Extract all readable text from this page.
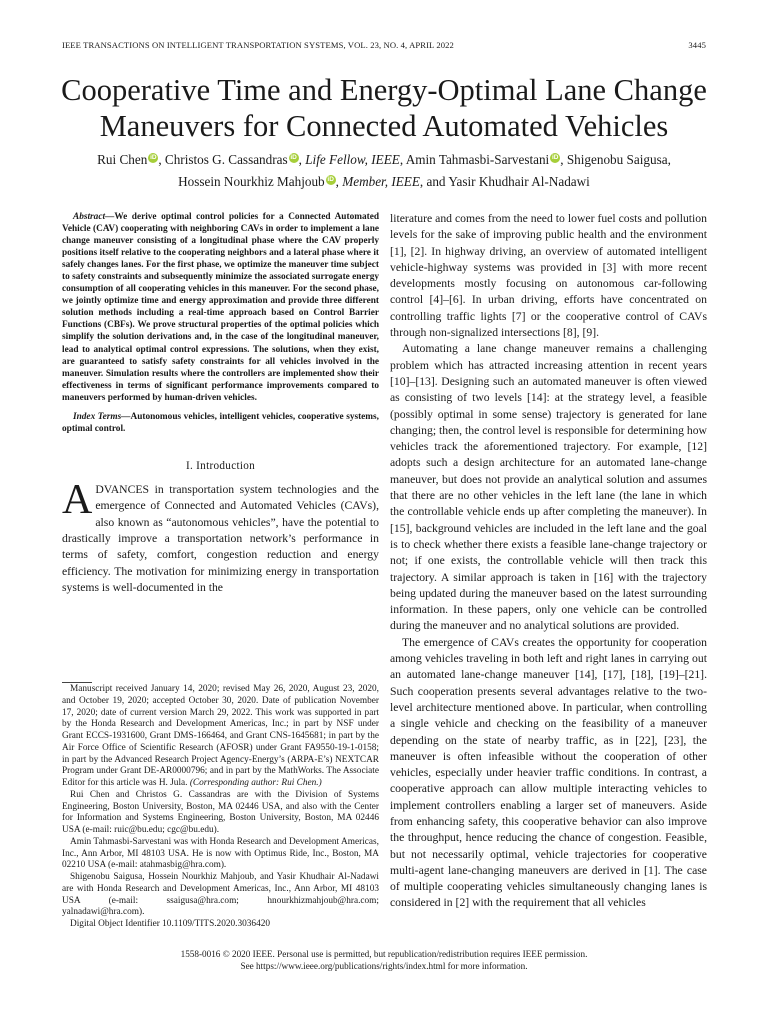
IEEE TRANSACTIONS ON INTELLIGENT TRANSPORTATION SYSTEMS, VOL. 23, NO. 4, APRIL 2022	3445
Cooperative Time and Energy-Optimal Lane Change
Maneuvers for Connected Automated Vehicles
Rui Chen iD , Christos G. Cassandras iD , Life Fellow, IEEE, Amin Tahmasbi-Sarvestani iD , Shigenobu Saigusa,
Hossein Nourkhiz Mahjoub iD , Member, IEEE, and Yasir Khudhair Al-Nadawi

Abstract—We derive optimal control policies for a Connected Automated Vehicle (CAV) cooperating with neighboring CAVs in order to implement a lane change maneuver consisting of a longitudinal phase where the CAV properly positions itself relative to the cooperating neighbors and a lateral phase where it safely changes lanes. For the first phase, we optimize the maneuver time subject to safety constraints and subsequently minimize the associated surrogate energy consumption of all cooperating vehicles in this maneuver. For the second phase, we jointly optimize time and energy approximation and provide three different solution methods including a real-time approach based on Control Barrier Functions (CBFs). We prove structural properties of the optimal policies which simplify the solution derivations and, in the case of the longitudinal maneuver, lead to analytical optimal control expressions. The solutions, when they exist, are guaranteed to satisfy safety constraints for all vehicles involved in the maneuver. Simulation results where the controllers are implemented show their effectiveness in terms of significant performance improvements compared to maneuvers performed by human-driven vehicles.

Index Terms—Autonomous vehicles, intelligent vehicles, cooperative systems, optimal control.

I. Introduction

ADVANCES in transportation system technologies and the emergence of Connected and Automated Vehicles (CAVs), also known as “autonomous vehicles”, have the potential to drastically improve a transportation network’s performance in terms of safety, comfort, congestion reduction and energy efficiency. The motivation for minimizing energy in transportation systems is well-documented in the

Manuscript received January 14, 2020; revised May 26, 2020, August 23, 2020, and October 19, 2020; accepted October 30, 2020. Date of publication November 17, 2020; date of current version March 29, 2022. This work was supported in part by the Honda Research and Development Americas, Inc.; in part by NSF under Grant ECCS-1931600, Grant DMS-166464, and Grant CNS-1645681; in part by the Air Force Office of Scientific Research (AFOSR) under Grant FA9550-19-1-0158; in part by the Advanced Research Project Agency-Energy’s (ARPA-E’s) NEXTCAR Program under Grant DE-AR0000796; and in part by the MathWorks. The Associate Editor for this article was H. Jula. (Corresponding author: Rui Chen.)

Rui Chen and Christos G. Cassandras are with the Division of Systems Engineering, Boston University, Boston, MA 02446 USA, and also with the Center for Information and Systems Engineering, Boston University, Boston, MA 02446 USA (e-mail: ruic@bu.edu; cgc@bu.edu).

Amin Tahmasbi-Sarvestani was with Honda Research and Development Americas, Inc., Ann Arbor, MI 48103 USA. He is now with Optimus Ride, Inc., Boston, MA 02210 USA (e-mail: atahmasbig@hra.com).

Shigenobu Saigusa, Hossein Nourkhiz Mahjoub, and Yasir Khudhair Al-Nadawi are with Honda Research and Development Americas, Inc., Ann Arbor, MI 48103 USA (e-mail: ssaigusa@hra.com; hnourkhizmahjoub@hra.com; yalnadawi@hra.com).

Digital Object Identifier 10.1109/TITS.2020.3036420

literature and comes from the need to lower fuel costs and pollution levels for the sake of improving public health and the environment [1], [2]. In highway driving, an overview of automated intelligent vehicle-highway systems was provided in [3] with more recent developments mostly focusing on autonomous car-following control [4]–[6]. In urban driving, efforts have concentrated on controlling traffic lights [7] or the cooperative control of CAVs through non-signalized intersections [8], [9].

Automating a lane change maneuver remains a challenging problem which has attracted increasing attention in recent years [10]–[13]. Designing such an automated maneuver is often viewed as consisting of two levels [14]: at the strategy level, a feasible (possibly optimal in some sense) trajectory is generated for lane changing; then, the control level is responsible for determining how vehicles track the aforementioned trajectory. For example, [12] adopts such a design architecture for an automated lane-change maneuver, but does not provide an analytical solution and assumes that there are no other vehicles in the left lane (the lane in which the controllable vehicle ends up after completing the maneuver). In [15], background vehicles are included in the left lane and the goal is to check whether there exists a feasible lane-change trajectory or not; if one exists, the controllable vehicle will then track this trajectory. A similar approach is taken in [16] with the trajectory being updated during the maneuver based on the latest surrounding information. In these papers, only one vehicle can be controlled during the maneuver and no analytical solutions are provided.

The emergence of CAVs creates the opportunity for cooperation among vehicles traveling in both left and right lanes in carrying out an automated lane-change maneuver [14], [17], [18], [19]–[21]. Such cooperation presents several advantages relative to the two-level architecture mentioned above. In particular, when controlling a single vehicle and checking on the feasibility of a maneuver depending on the state of nearby traffic, as in [22], [23], the maneuver is often infeasible without the cooperation of other vehicles, especially under heavier traffic conditions. In contrast, a cooperative approach can allow multiple interacting vehicles to implement controllers enabling a larger set of maneuvers. Aside from enhancing safety, this cooperative behavior can also improve the throughput, hence reducing the chance of congestion. Feasible, but not necessarily optimal, vehicle trajectories for cooperative multi-agent lane-changing maneuvers are derived in [1]. The case of multiple cooperating vehicles simultaneously changing lanes is considered in [2] with the requirement that all vehicles

1558-0016 © 2020 IEEE. Personal use is permitted, but republication/redistribution requires IEEE permission.
See https://www.ieee.org/publications/rights/index.html for more information.
